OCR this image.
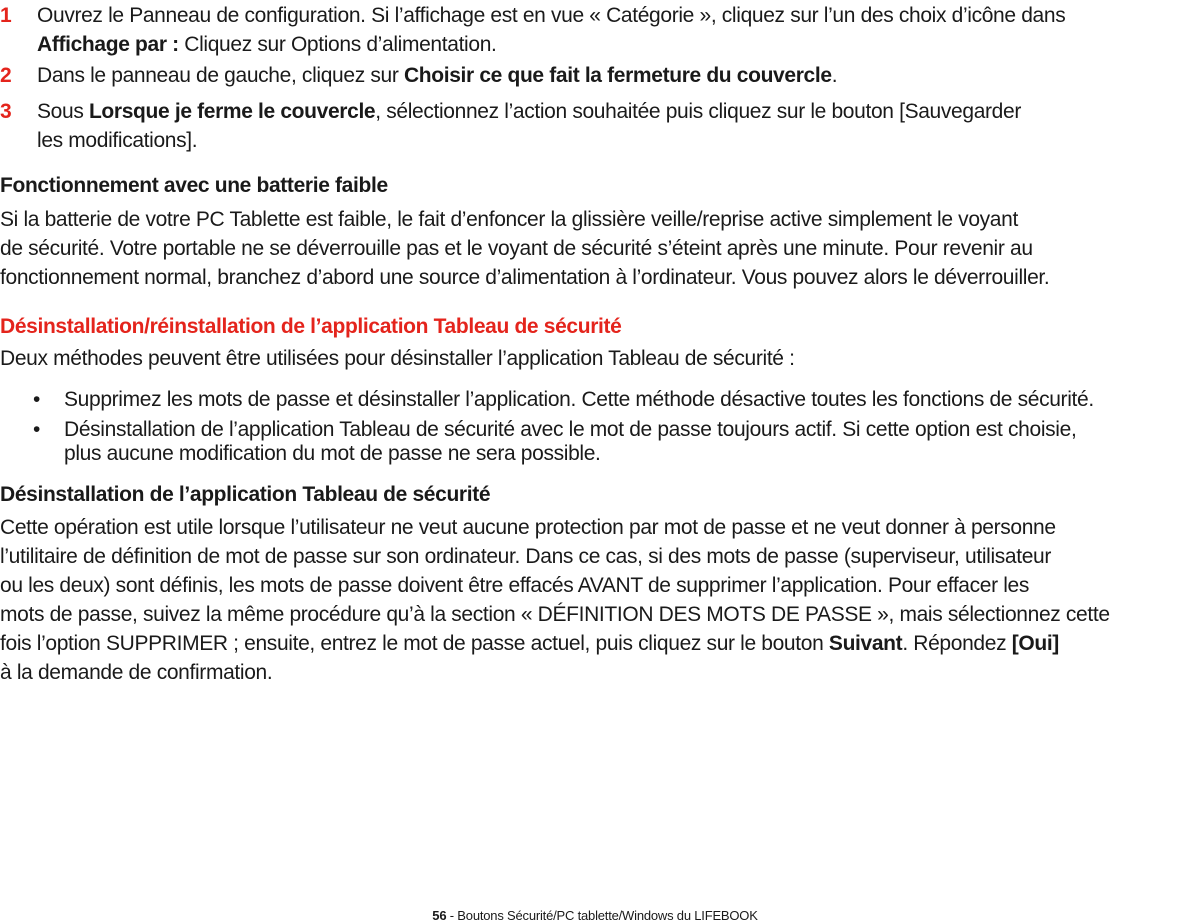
1 Ouvrez le Panneau de configuration. Si l’affichage est en vue « Catégorie », cliquez sur l’un des choix d’icône dans
Affichage par : Cliquez sur Options d’alimentation.
2 Dans le panneau de gauche, cliquez sur Choisir ce que fait la fermeture du couvercle.
3 Sous Lorsque je ferme le couvercle, sélectionnez l’action souhaitée puis cliquez sur le bouton [Sauvegarder
les modifications].
Fonctionnement avec une batterie faible
Si la batterie de votre PC Tablette est faible, le fait d’enfoncer la glissière veille/reprise active simplement le voyant
de sécurité. Votre portable ne se déverrouille pas et le voyant de sécurité s’éteint après une minute. Pour revenir au
fonctionnement normal, branchez d’abord une source d’alimentation à l’ordinateur. Vous pouvez alors le déverrouiller.
Désinstallation/réinstallation de l’application Tableau de sécurité
Deux méthodes peuvent être utilisées pour désinstaller l’application Tableau de sécurité :
• Supprimez les mots de passe et désinstaller l’application. Cette méthode désactive toutes les fonctions de sécurité.
• Désinstallation de l’application Tableau de sécurité avec le mot de passe toujours actif. Si cette option est choisie,
plus aucune modification du mot de passe ne sera possible.
Désinstallation de l’application Tableau de sécurité
Cette opération est utile lorsque l’utilisateur ne veut aucune protection par mot de passe et ne veut donner à personne
l’utilitaire de définition de mot de passe sur son ordinateur. Dans ce cas, si des mots de passe (superviseur, utilisateur
ou les deux) sont définis, les mots de passe doivent être effacés AVANT de supprimer l’application. Pour effacer les
mots de passe, suivez la même procédure qu’à la section « DÉFINITION DES MOTS DE PASSE », mais sélectionnez cette
fois l’option SUPPRIMER ; ensuite, entrez le mot de passe actuel, puis cliquez sur le bouton Suivant. Répondez [Oui]
à la demande de confirmation.
56 - Boutons Sécurité/PC tablette/Windows du LIFEBOOK
